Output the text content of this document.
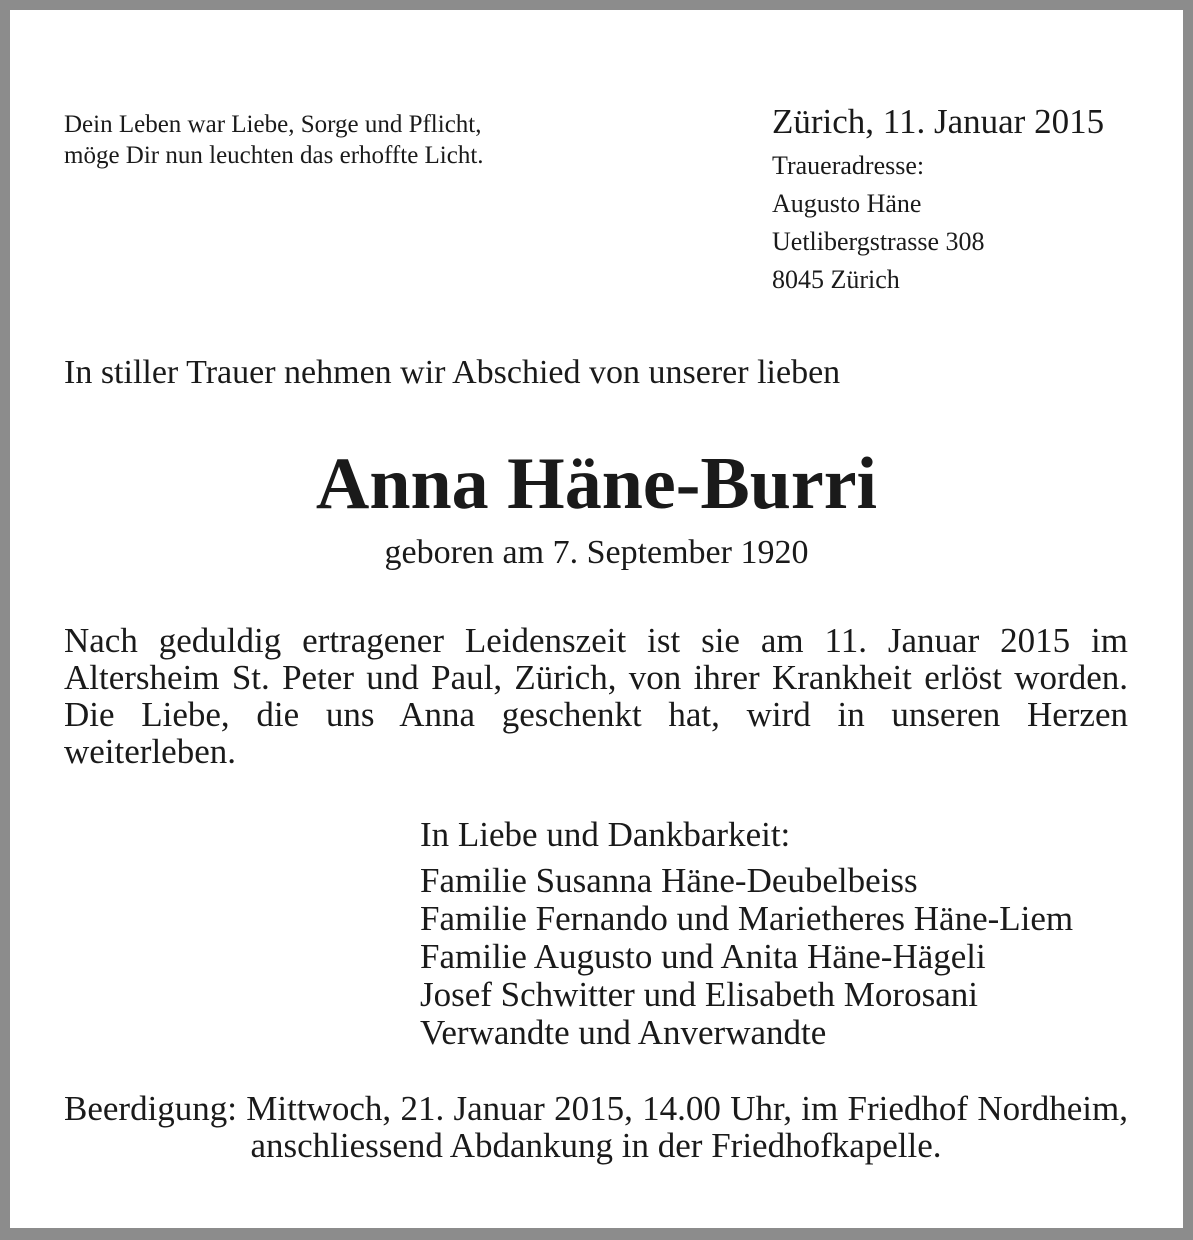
Dein Leben war Liebe, Sorge und Pflicht,
möge Dir nun leuchten das erhoffte Licht.
Zürich, 11. Januar 2015
Traueradresse:
Augusto Häne
Uetlibergstrasse 308
8045 Zürich
In stiller Trauer nehmen wir Abschied von unserer lieben
Anna Häne-Burri
geboren am 7. September 1920
Nach geduldig ertragener Leidenszeit ist sie am 11. Januar 2015 im Altersheim St. Peter und Paul, Zürich, von ihrer Krankheit erlöst worden. Die Liebe, die uns Anna geschenkt hat, wird in unseren Herzen weiterleben.
In Liebe und Dankbarkeit:
Familie Susanna Häne-Deubelbeiss
Familie Fernando und Marietheres Häne-Liem
Familie Augusto und Anita Häne-Hägeli
Josef Schwitter und Elisabeth Morosani
Verwandte und Anverwandte
Beerdigung: Mittwoch, 21. Januar 2015, 14.00 Uhr, im Friedhof Nordheim, anschliessend Abdankung in der Friedhofkapelle.
